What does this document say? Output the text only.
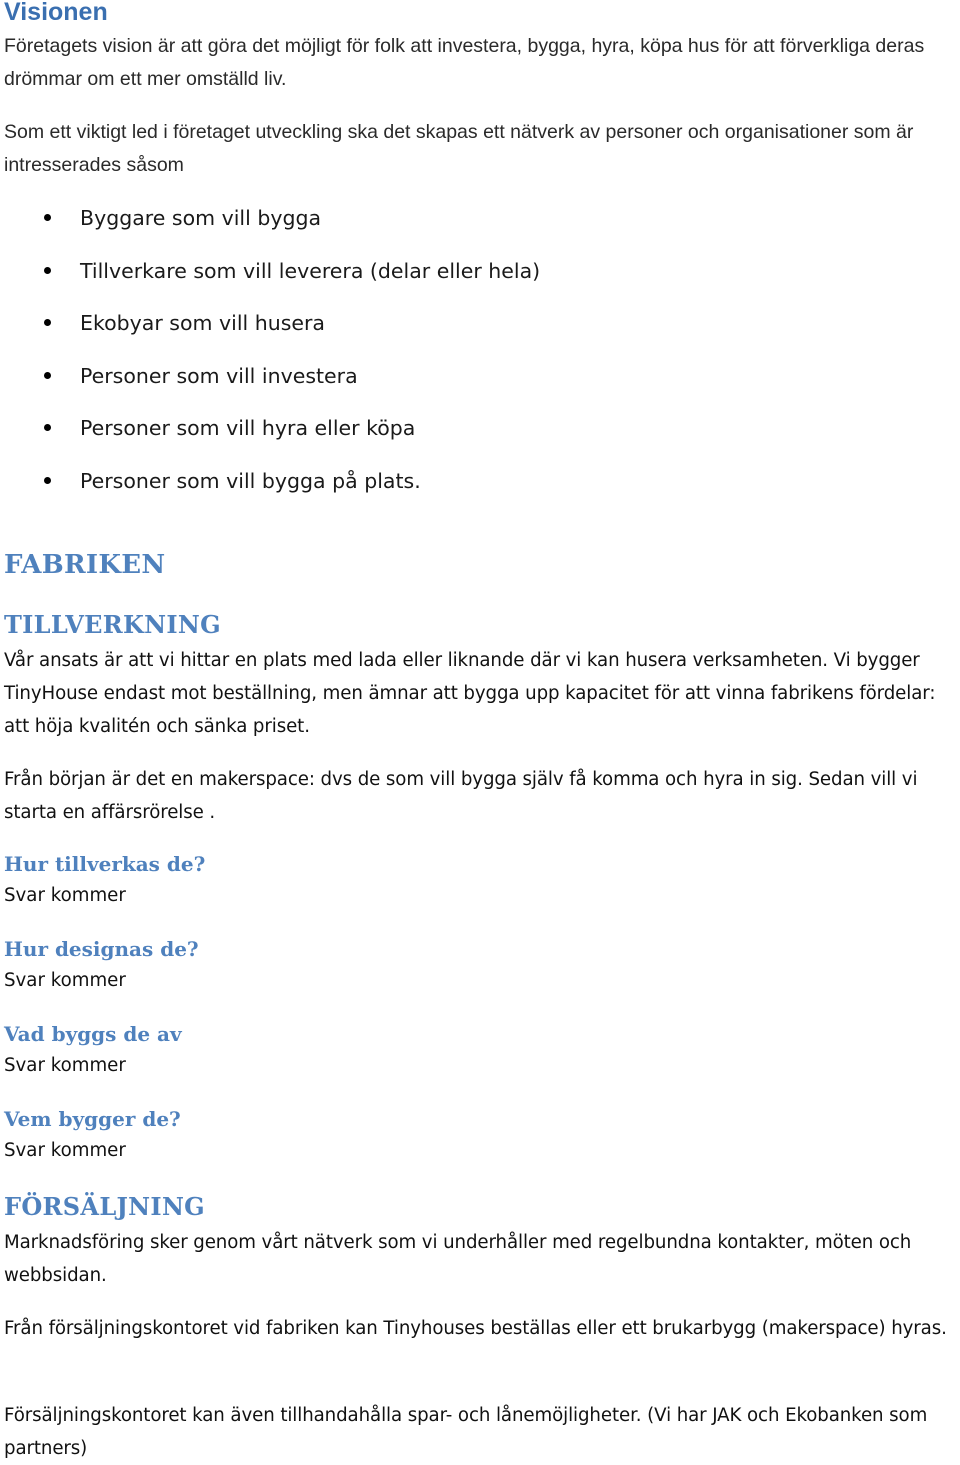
Visionen

Företagets vision är att göra det möjligt för folk att investera, bygga, hyra, köpa hus för att förverkliga deras drömmar om ett mer omställd liv.

Som ett viktigt led i företaget utveckling ska det skapas ett nätverk av personer och organisationer som är intresserades såsom

Byggare som vill bygga
Tillverkare som vill leverera (delar eller hela)
Ekobyar som vill husera
Personer som vill investera
Personer som vill hyra eller köpa
Personer som vill bygga på plats.
FABRIKEN
TILLVERKNING

Vår ansats är att vi hittar en plats med lada eller liknande där vi kan husera verksamheten. Vi bygger TinyHouse endast mot beställning, men ämnar att bygga upp kapacitet för att vinna fabrikens fördelar: att höja kvalitén och sänka priset.

Från början är det en makerspace: dvs de som vill bygga själv få komma och hyra in sig. Sedan vill vi starta en affärsrörelse .

Hur tillverkas de?

Svar kommer

Hur designas de?

Svar kommer

Vad byggs de av

Svar kommer

Vem bygger de?

Svar kommer

FÖRSÄLJNING

Marknadsföring sker genom vårt nätverk som vi underhåller med regelbundna kontakter, möten och webbsidan.

Från försäljningskontoret vid fabriken kan Tinyhouses beställas eller ett brukarbygg (makerspace) hyras.

Försäljningskontoret kan även tillhandahålla spar- och lånemöjligheter. (Vi har JAK och Ekobanken som partners)
